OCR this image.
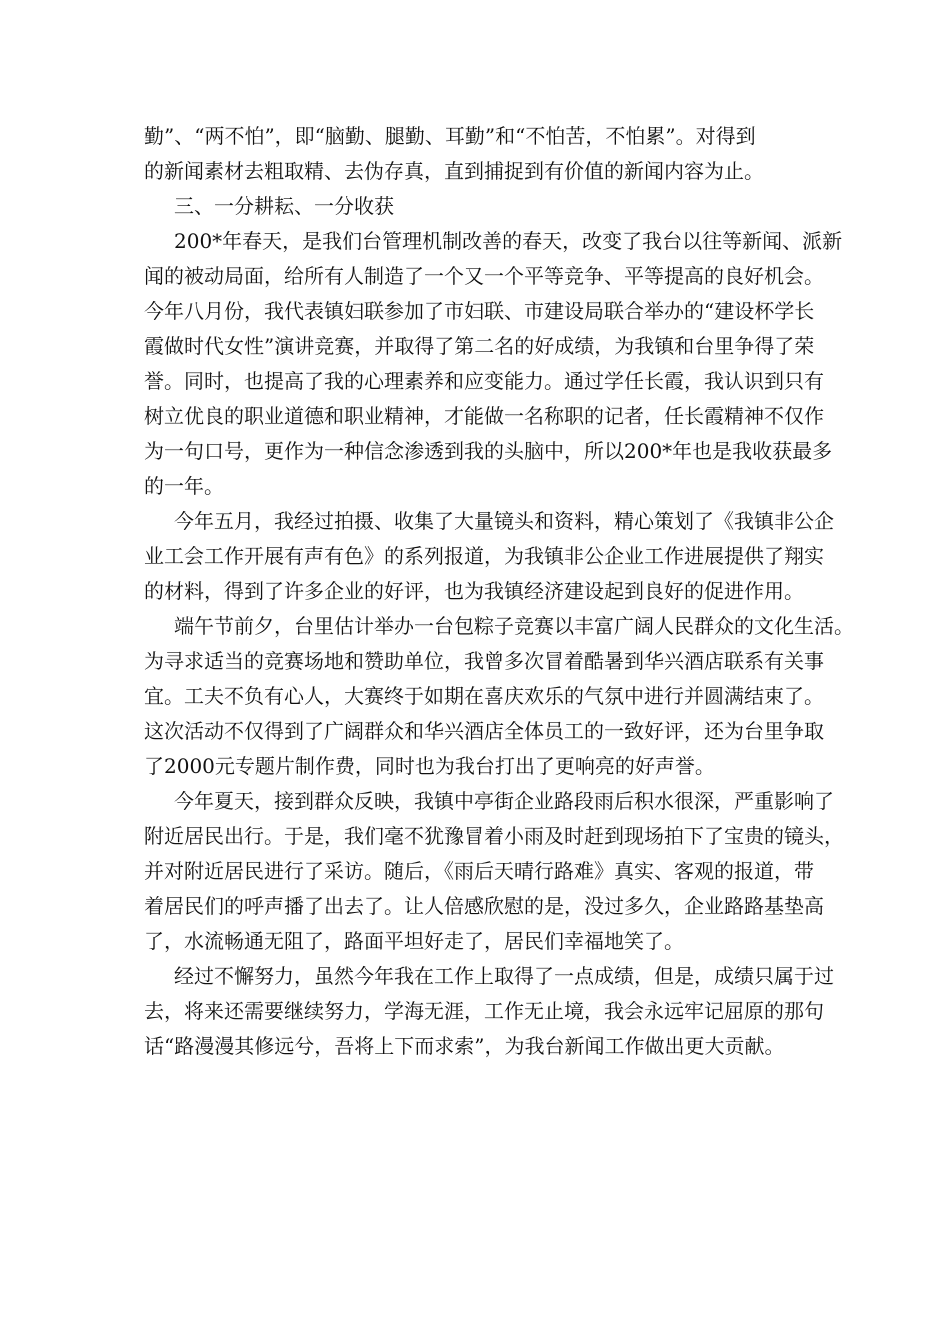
勤”、“两不怕”，即“脑勤、腿勤、耳勤”和“不怕苦，不怕累”。对得到
的新闻素材去粗取精、去伪存真，直到捕捉到有价值的新闻内容为止。

三、一分耕耘、一分收获

200*年春天，是我们台管理机制改善的春天，改变了我台以往等新闻、派新
闻的被动局面，给所有人制造了一个又一个平等竞争、平等提高的良好机会。
今年八月份，我代表镇妇联参加了市妇联、市建设局联合举办的“建设杯学长
霞做时代女性”演讲竞赛，并取得了第二名的好成绩，为我镇和台里争得了荣
誉。同时，也提高了我的心理素养和应变能力。通过学任长霞，我认识到只有
树立优良的职业道德和职业精神，才能做一名称职的记者，任长霞精神不仅作
为一句口号，更作为一种信念渗透到我的头脑中，所以200*年也是我收获最多
的一年。

今年五月，我经过拍摄、收集了大量镜头和资料，精心策划了《我镇非公企
业工会工作开展有声有色》的系列报道，为我镇非公企业工作进展提供了翔实
的材料，得到了许多企业的好评，也为我镇经济建设起到良好的促进作用。

端午节前夕，台里估计举办一台包粽子竞赛以丰富广阔人民群众的文化生活。
为寻求适当的竞赛场地和赞助单位，我曾多次冒着酷暑到华兴酒店联系有关事
宜。工夫不负有心人，大赛终于如期在喜庆欢乐的气氛中进行并圆满结束了。
这次活动不仅得到了广阔群众和华兴酒店全体员工的一致好评，还为台里争取
了2000元专题片制作费，同时也为我台打出了更响亮的好声誉。

今年夏天，接到群众反映，我镇中亭街企业路段雨后积水很深，严重影响了
附近居民出行。于是，我们毫不犹豫冒着小雨及时赶到现场拍下了宝贵的镜头，
并对附近居民进行了采访。随后，《雨后天晴行路难》真实、客观的报道，带
着居民们的呼声播了出去了。让人倍感欣慰的是，没过多久，企业路路基垫高
了，水流畅通无阻了，路面平坦好走了，居民们幸福地笑了。

经过不懈努力，虽然今年我在工作上取得了一点成绩，但是，成绩只属于过
去，将来还需要继续努力，学海无涯，工作无止境，我会永远牢记屈原的那句
话“路漫漫其修远兮，吾将上下而求索”，为我台新闻工作做出更大贡献。
